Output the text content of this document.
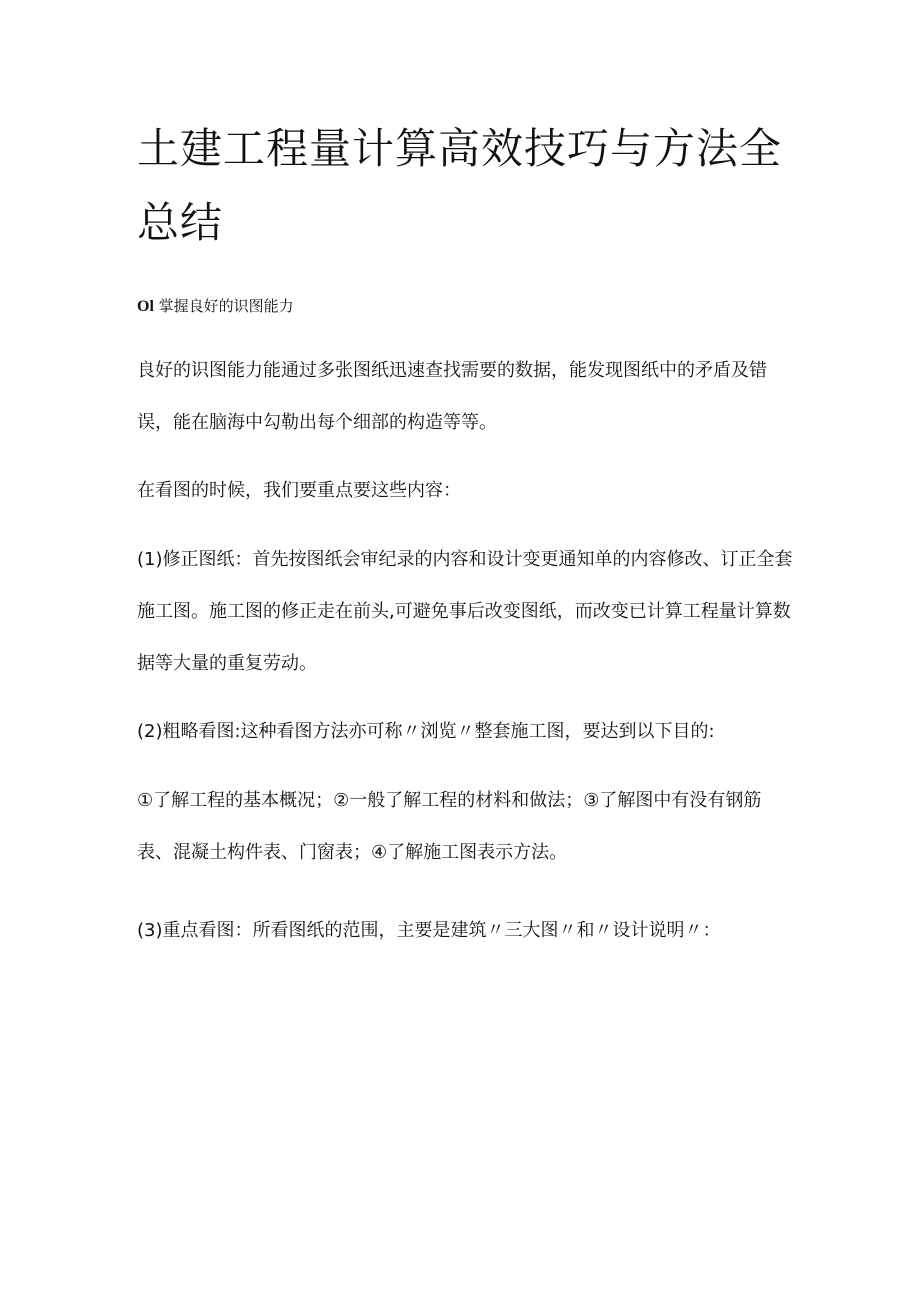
土建工程量计算高效技巧与方法全总结
Ol 掌握良好的识图能力

良好的识图能力能通过多张图纸迅速查找需要的数据，能发现图纸中的矛盾及错误，能在脑海中勾勒出每个细部的构造等等。

在看图的时候，我们要重点要这些内容：

(1)修正图纸：首先按图纸会审纪录的内容和设计变更通知单的内容修改、订正全套施工图。施工图的修正走在前头,可避免事后改变图纸，而改变已计算工程量计算数据等大量的重复劳动。

(2)粗略看图:这种看图方法亦可称〃浏览〃整套施工图，要达到以下目的:

①了解工程的基本概况；②一般了解工程的材料和做法；③了解图中有没有钢筋表、混凝土构件表、门窗表；④了解施工图表示方法。

(3)重点看图：所看图纸的范围，主要是建筑〃三大图〃和〃设计说明〃：
